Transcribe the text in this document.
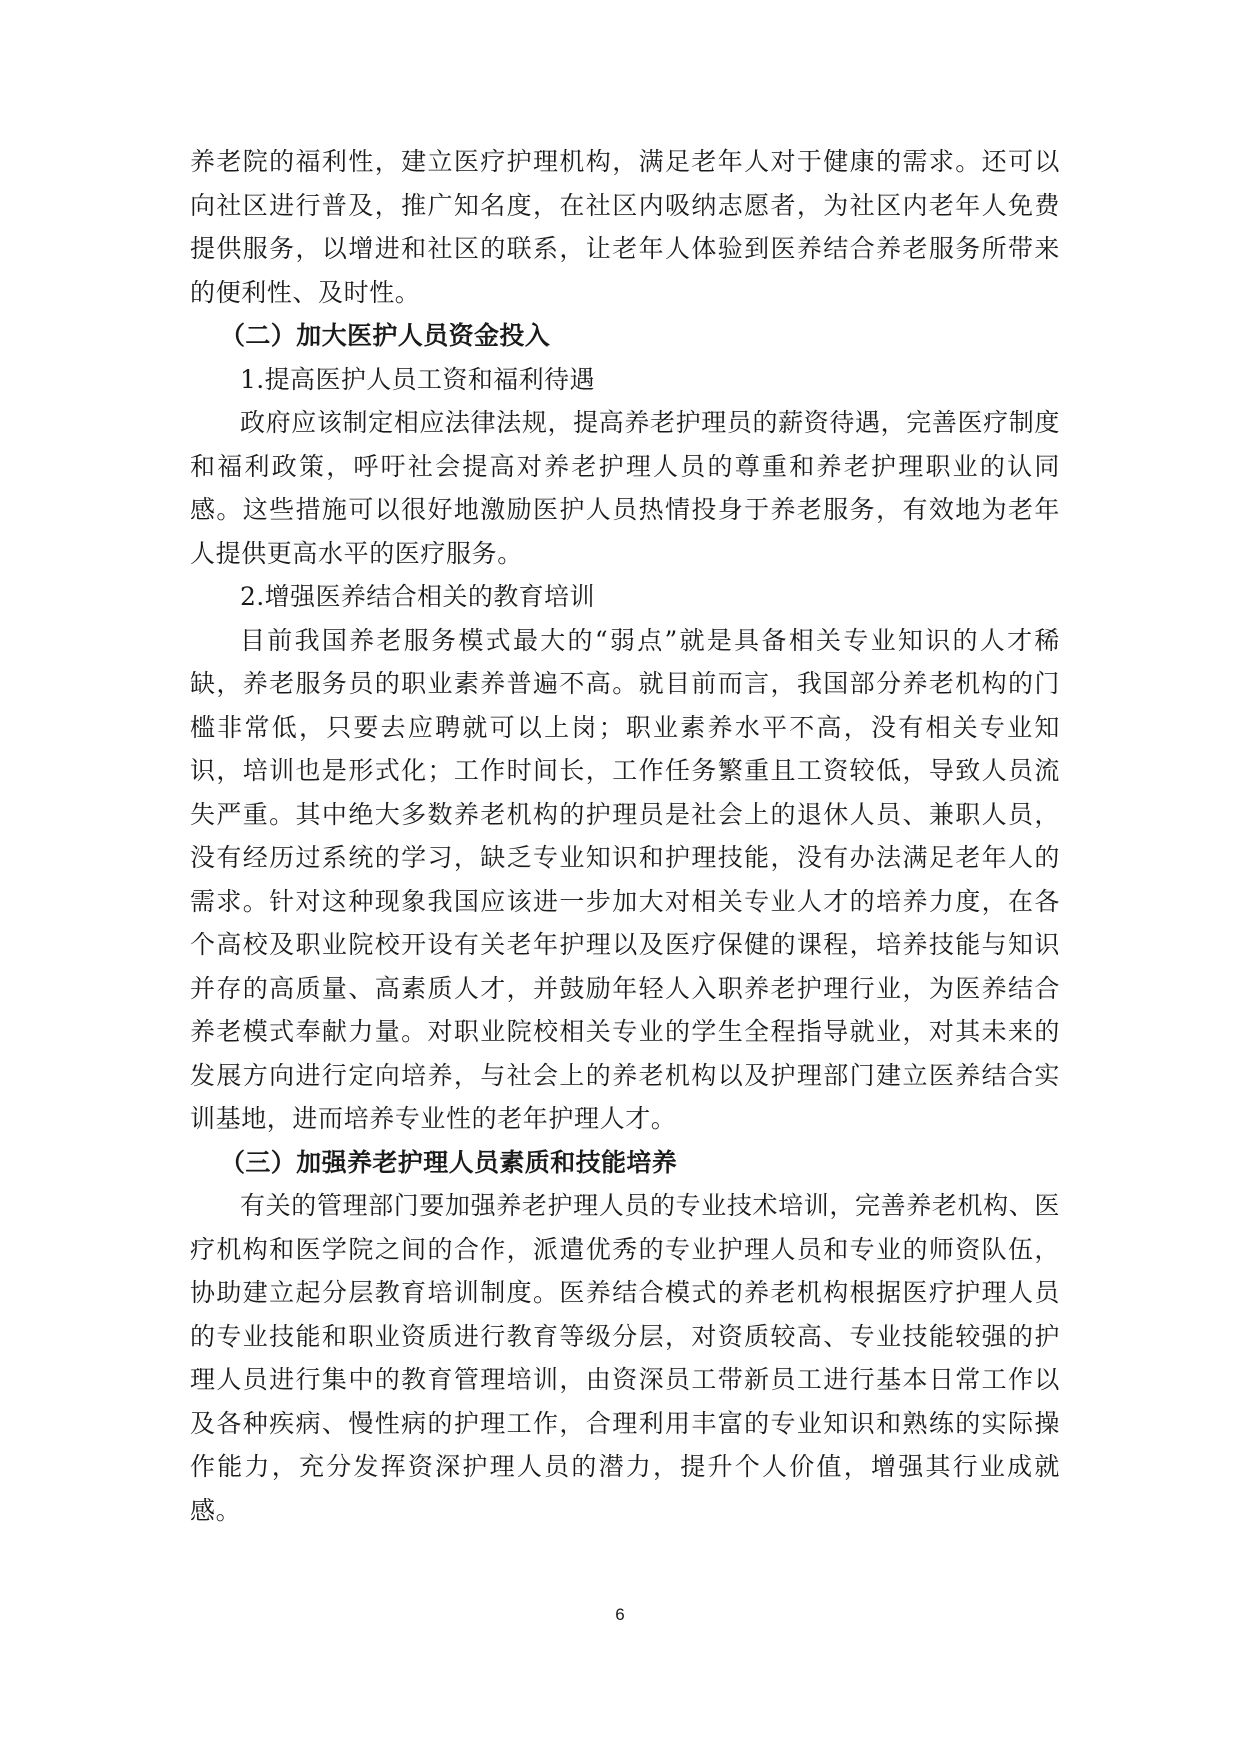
养老院的福利性，建立医疗护理机构，满足老年人对于健康的需求。还可以向社区进行普及，推广知名度，在社区内吸纳志愿者，为社区内老年人免费提供服务，以增进和社区的联系，让老年人体验到医养结合养老服务所带来的便利性、及时性。

（二）加大医护人员资金投入

1.提高医护人员工资和福利待遇

政府应该制定相应法律法规，提高养老护理员的薪资待遇，完善医疗制度和福利政策，呼吁社会提高对养老护理人员的尊重和养老护理职业的认同感。这些措施可以很好地激励医护人员热情投身于养老服务，有效地为老年人提供更高水平的医疗服务。

2.增强医养结合相关的教育培训

目前我国养老服务模式最大的“弱点”就是具备相关专业知识的人才稀缺，养老服务员的职业素养普遍不高。就目前而言，我国部分养老机构的门槛非常低，只要去应聘就可以上岗；职业素养水平不高，没有相关专业知识，培训也是形式化；工作时间长，工作任务繁重且工资较低，导致人员流失严重。其中绝大多数养老机构的护理员是社会上的退休人员、兼职人员，没有经历过系统的学习，缺乏专业知识和护理技能，没有办法满足老年人的需求。针对这种现象我国应该进一步加大对相关专业人才的培养力度，在各个高校及职业院校开设有关老年护理以及医疗保健的课程，培养技能与知识并存的高质量、高素质人才，并鼓励年轻人入职养老护理行业，为医养结合养老模式奉献力量。对职业院校相关专业的学生全程指导就业，对其未来的发展方向进行定向培养，与社会上的养老机构以及护理部门建立医养结合实训基地，进而培养专业性的老年护理人才。

（三）加强养老护理人员素质和技能培养

有关的管理部门要加强养老护理人员的专业技术培训，完善养老机构、医疗机构和医学院之间的合作，派遣优秀的专业护理人员和专业的师资队伍，协助建立起分层教育培训制度。医养结合模式的养老机构根据医疗护理人员的专业技能和职业资质进行教育等级分层，对资质较高、专业技能较强的护理人员进行集中的教育管理培训，由资深员工带新员工进行基本日常工作以及各种疾病、慢性病的护理工作，合理利用丰富的专业知识和熟练的实际操作能力，充分发挥资深护理人员的潜力，提升个人价值，增强其行业成就感。

6
